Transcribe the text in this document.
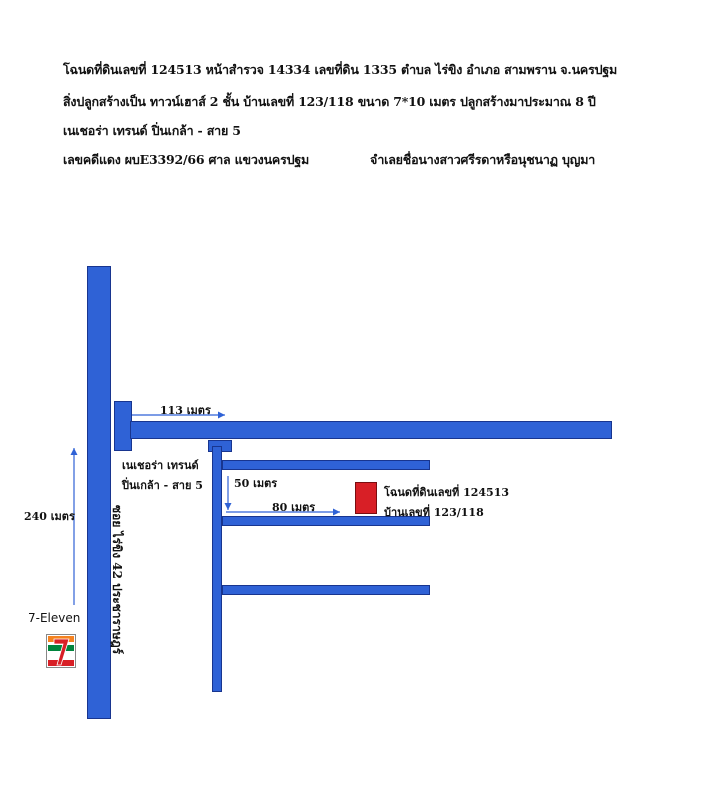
โฉนดที่ดินเลขที่ 124513 หน้าสำรวจ 14334 เลขที่ดิน 1335 ตำบล ไร่ขิง อำเภอ สามพราน จ.นครปฐม
สิ่งปลูกสร้างเป็น ทาวน์เฮาส์ 2 ชั้น บ้านเลขที่ 123/118 ขนาด 7*10 เมตร ปลูกสร้างมาประมาณ 8 ปี
เนเชอร่า เทรนด์ ปิ่นเกล้า - สาย 5
เลขคดีแดง ผบE3392/66 ศาล แขวงนครปฐม	จำเลยชื่อนางสาวศรีรดาหรือนุชนาฏ บุญมา
240 เมตร
113 เมตร
50 เมตร
80 เมตร
เนเชอร่า เทรนด์
ปิ่นเกล้า - สาย 5
โฉนดที่ดินเลขที่ 124513
บ้านเลขที่ 123/118
ซอย ไร่ขิง 42 ประชาราษฎร์
7-Eleven
